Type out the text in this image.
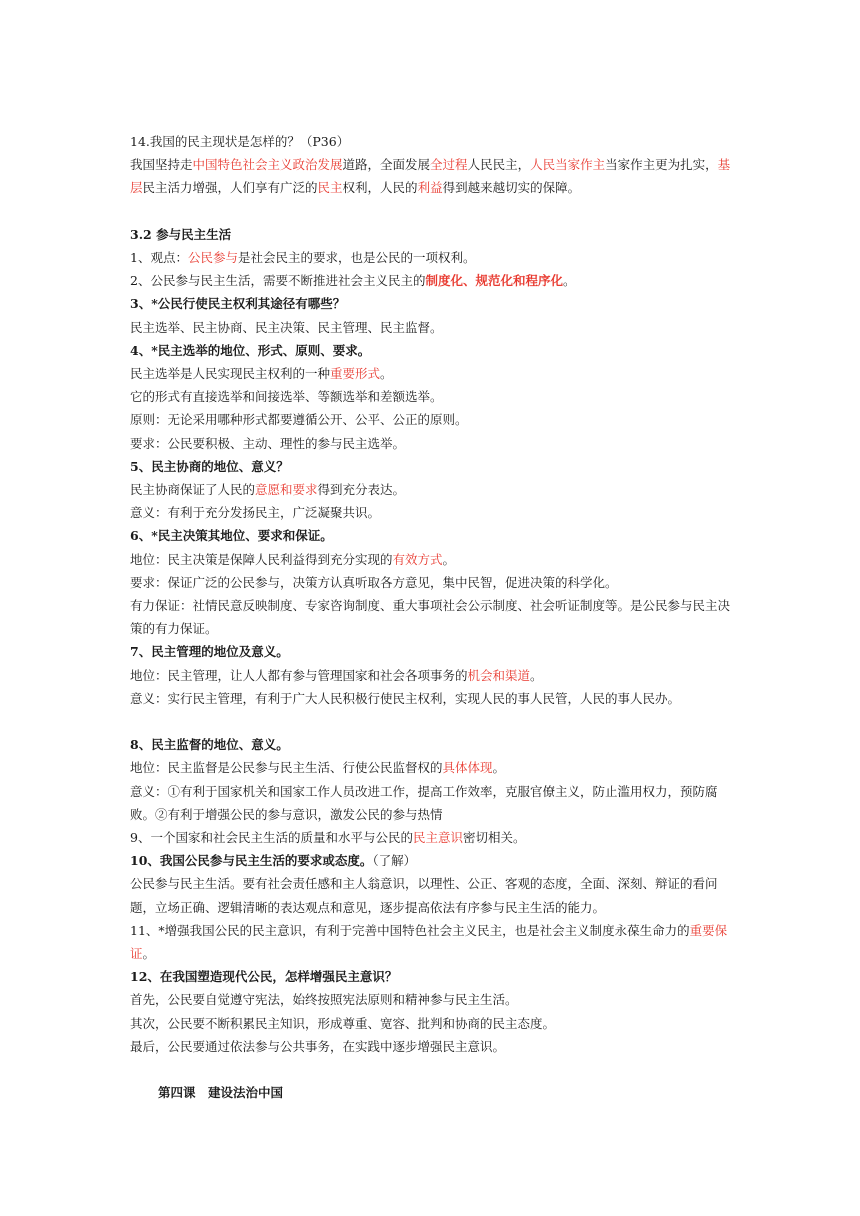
14.我国的民主现状是怎样的？（P36）
我国坚持走中国特色社会主义政治发展道路，全面发展全过程人民民主，人民当家作主当家作主更为扎实，基层民主活力增强，人们享有广泛的民主权利，人民的利益得到越来越切实的保障。
3.2 参与民主生活
1、观点：公民参与是社会民主的要求，也是公民的一项权利。
2、公民参与民主生活，需要不断推进社会主义民主的制度化、规范化和程序化。
3、*公民行使民主权利其途径有哪些？
民主选举、民主协商、民主决策、民主管理、民主监督。
4、*民主选举的地位、形式、原则、要求。
民主选举是人民实现民主权利的一种重要形式。
它的形式有直接选举和间接选举、等额选举和差额选举。
原则：无论采用哪种形式都要遵循公开、公平、公正的原则。
要求：公民要积极、主动、理性的参与民主选举。
5、民主协商的地位、意义？
民主协商保证了人民的意愿和要求得到充分表达。
意义：有利于充分发扬民主，广泛凝聚共识。
6、*民主决策其地位、要求和保证。
地位：民主决策是保障人民利益得到充分实现的有效方式。
要求：保证广泛的公民参与，决策方认真听取各方意见，集中民智，促进决策的科学化。
有力保证：社情民意反映制度、专家咨询制度、重大事项社会公示制度、社会听证制度等。是公民参与民主决策的有力保证。
7、民主管理的地位及意义。
地位：民主管理，让人人都有参与管理国家和社会各项事务的机会和渠道。
意义：实行民主管理，有利于广大人民积极行使民主权利，实现人民的事人民管，人民的事人民办。
8、民主监督的地位、意义。
地位：民主监督是公民参与民主生活、行使公民监督权的具体体现。
意义：①有利于国家机关和国家工作人员改进工作，提高工作效率，克服官僚主义，防止滥用权力，预防腐败。②有利于增强公民的参与意识，激发公民的参与热情
9、一个国家和社会民主生活的质量和水平与公民的民主意识密切相关。
10、我国公民参与民主生活的要求或态度。（了解）
公民参与民主生活。要有社会责任感和主人翁意识，以理性、公正、客观的态度，全面、深刻、辩证的看问题，立场正确、逻辑清晰的表达观点和意见，逐步提高依法有序参与民主生活的能力。
11、*增强我国公民的民主意识，有利于完善中国特色社会主义民主，也是社会主义制度永葆生命力的重要保证。
12、在我国塑造现代公民，怎样增强民主意识？
首先，公民要自觉遵守宪法，始终按照宪法原则和精神参与民主生活。
其次，公民要不断积累民主知识，形成尊重、宽容、批判和协商的民主态度。
最后，公民要通过依法参与公共事务，在实践中逐步增强民主意识。
第四课　建设法治中国
